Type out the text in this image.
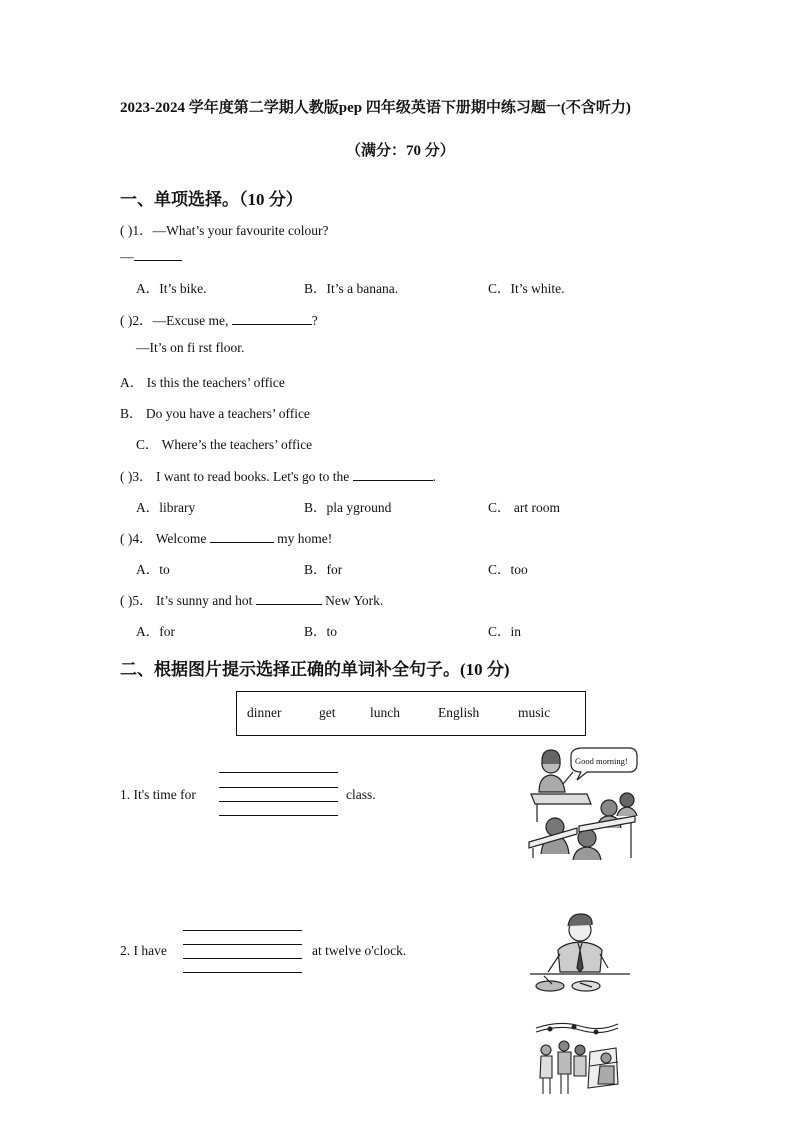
2023-2024 学年度第二学期人教版pep 四年级英语下册期中练习题一(不含听力)
（满分：70 分）
一、单项选择。（10 分）
( )1．—What’s your favourite colour?
—
A．It’s bike.	B．It’s a banana.	C．It’s white.
( )2．—Excuse me,	?
—It’s on fi rst floor.
A． Is this the teachers’ office
B． Do you have a teachers’ office
C． Where’s the teachers’ office
( )3． I want to read books. Let's go to the	.
A．library	B．pla yground	C． art room
( )4． Welcome	my home!
A．to	B．for	C．too
( )5． It’s sunny and hot	New York.
A．for	B．to	C．in
二、根据图片提示选择正确的单词补全句子。(10 分)
dinner	get	lunch	English	music
1. It's time for	class.
2. I have	at twelve o'clock.
Good morning!
